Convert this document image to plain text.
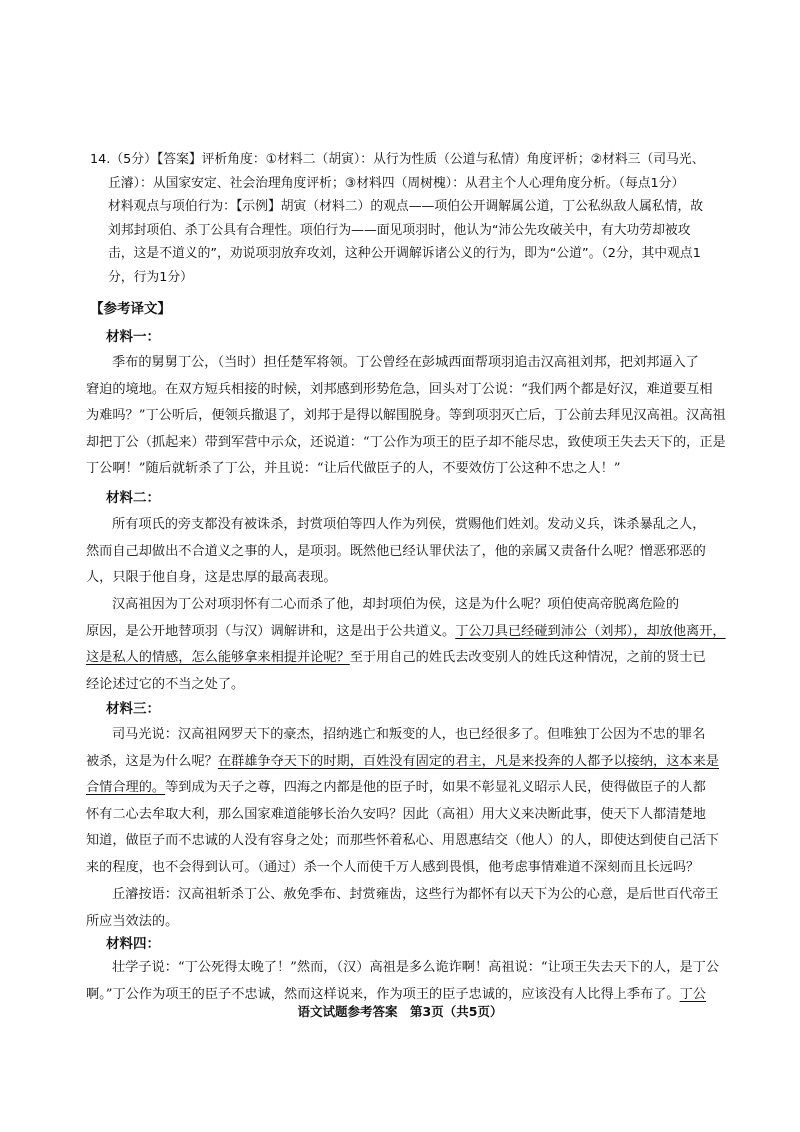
14.（5分）【答案】评析角度：①材料二（胡寅）：从行为性质（公道与私情）角度评析；②材料三（司马光、
丘濬）：从国家安定、社会治理角度评析；③材料四（周树槐）：从君主个人心理角度分析。（每点1分）
材料观点与项伯行为：【示例】胡寅（材料二）的观点——项伯公开调解属公道，丁公私纵敌人属私情，故
刘邦封项伯、杀丁公具有合理性。项伯行为——面见项羽时，他认为“沛公先攻破关中，有大功劳却被攻
击，这是不道义的”，劝说项羽放弃攻刘，这种公开调解诉诸公义的行为，即为“公道”。（2分，其中观点1
分，行为1分）
【参考译文】
材料一：
季布的舅舅丁公，（当时）担任楚军将领。丁公曾经在彭城西面帮项羽追击汉高祖刘邦，把刘邦逼入了
窘迫的境地。在双方短兵相接的时候，刘邦感到形势危急，回头对丁公说：“我们两个都是好汉，难道要互相
为难吗？”丁公听后，便领兵撤退了，刘邦于是得以解围脱身。等到项羽灭亡后，丁公前去拜见汉高祖。汉高祖
却把丁公（抓起来）带到军营中示众，还说道：“丁公作为项王的臣子却不能尽忠，致使项王失去天下的，正是
丁公啊！”随后就斩杀了丁公，并且说：“让后代做臣子的人，不要效仿丁公这种不忠之人！”
材料二：
所有项氏的旁支都没有被诛杀，封赏项伯等四人作为列侯，赏赐他们姓刘。发动义兵，诛杀暴乱之人，
然而自己却做出不合道义之事的人，是项羽。既然他已经认罪伏法了，他的亲属又责备什么呢？憎恶邪恶的
人，只限于他自身，这是忠厚的最高表现。
汉高祖因为丁公对项羽怀有二心而杀了他，却封项伯为侯，这是为什么呢？项伯使高帝脱离危险的
原因，是公开地替项羽（与汉）调解讲和，这是出于公共道义。丁公刀具已经碰到沛公（刘邦），却放他离开，
这是私人的情感，怎么能够拿来相提并论呢？至于用自己的姓氏去改变别人的姓氏这种情况，之前的贤士已
经论述过它的不当之处了。
材料三：
司马光说：汉高祖网罗天下的豪杰，招纳逃亡和叛变的人，也已经很多了。但唯独丁公因为不忠的罪名
被杀，这是为什么呢？在群雄争夺天下的时期，百姓没有固定的君主，凡是来投奔的人都予以接纳，这本来是
合情合理的。等到成为天子之尊，四海之内都是他的臣子时，如果不彰显礼义昭示人民，使得做臣子的人都
怀有二心去牟取大利，那么国家难道能够长治久安吗？因此（高祖）用大义来决断此事，使天下人都清楚地
知道，做臣子而不忠诚的人没有容身之处；而那些怀着私心、用恩惠结交（他人）的人，即使达到使自己活下
来的程度，也不会得到认可。（通过）杀一个人而使千万人感到畏惧，他考虑事情难道不深刻而且长远吗？
丘濬按语：汉高祖斩杀丁公、赦免季布、封赏雍齿，这些行为都怀有以天下为公的心意，是后世百代帝王
所应当效法的。
材料四：
壮学子说：“丁公死得太晚了！”然而，（汉）高祖是多么诡诈啊！高祖说：“让项王失去天下的人，是丁公
啊。”丁公作为项王的臣子不忠诚，然而这样说来，作为项王的臣子忠诚的，应该没有人比得上季布了。丁公
语文试题参考答案　第3页（共5页）
